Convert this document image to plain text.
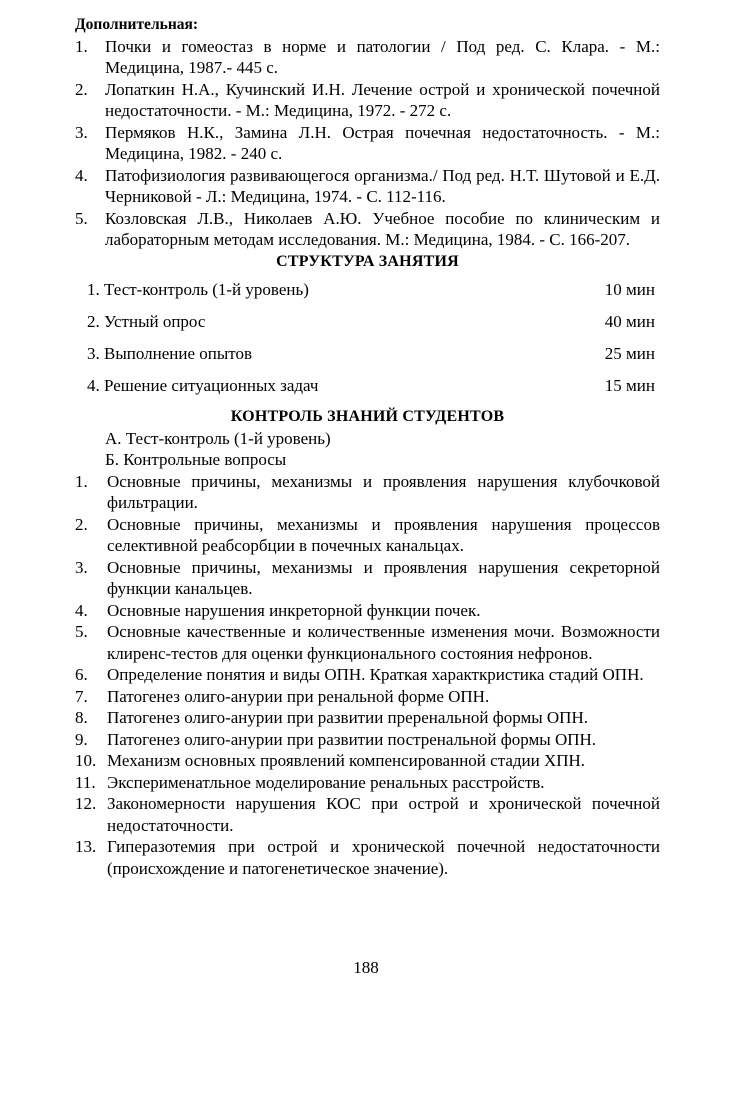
Дополнительная:

1.	Почки и гомеостаз в норме и патологии / Под ред. С. Клара. - М.: Медицина, 1987.- 445 с.
2.	Лопаткин Н.А., Кучинский И.Н. Лечение острой и хронической почечной недостаточности. - М.: Медицина, 1972. - 272 с.
3.	Пермяков Н.К., Замина Л.Н. Острая почечная недостаточность. - М.: Медицина, 1982. - 240 с.
4.	Патофизиология развивающегося организма./ Под ред. Н.Т. Шутовой и Е.Д. Черниковой - Л.: Медицина, 1974. - С. 112-116.
5.	Козловская Л.В., Николаев А.Ю. Учебное пособие по клиническим и лабораторным методам исследования. М.: Медицина, 1984. - С. 166-207.

СТРУКТУРА ЗАНЯТИЯ

1. Тест-контроль (1-й уровень)	10 мин
2. Устный опрос	40 мин
3. Выполнение опытов	25 мин
4. Решение ситуационных задач	15 мин

КОНТРОЛЬ ЗНАНИЙ СТУДЕНТОВ

А. Тест-контроль (1-й уровень)

Б. Контрольные вопросы

1.	Основные причины, механизмы и проявления нарушения клубочковой фильтрации.
2.	Основные причины, механизмы и проявления нарушения процессов селективной реабсорбции в почечных канальцах.
3.	Основные причины, механизмы и проявления нарушения секреторной функции канальцев.
4.	Основные нарушения инкреторной функции почек.
5.	Основные качественные и количественные изменения мочи. Возможности клиренс-тестов для оценки функционального состояния нефронов.
6.	Определение понятия и виды ОПН. Краткая характкристика стадий ОПН.
7.	Патогенез олиго-анурии при ренальной форме ОПН.
8.	Патогенез олиго-анурии при развитии преренальной формы ОПН.
9.	Патогенез олиго-анурии при развитии постренальной формы ОПН.
10. Механизм основных проявлений компенсированной стадии ХПН.
11. Эксперименатльное моделирование ренальных расстройств.
12. Закономерности нарушения КОС при острой и хронической почечной недостаточности.
13. Гиперазотемия при острой и хронической почечной недостаточности (происхождение и патогенетическое значение).
188
